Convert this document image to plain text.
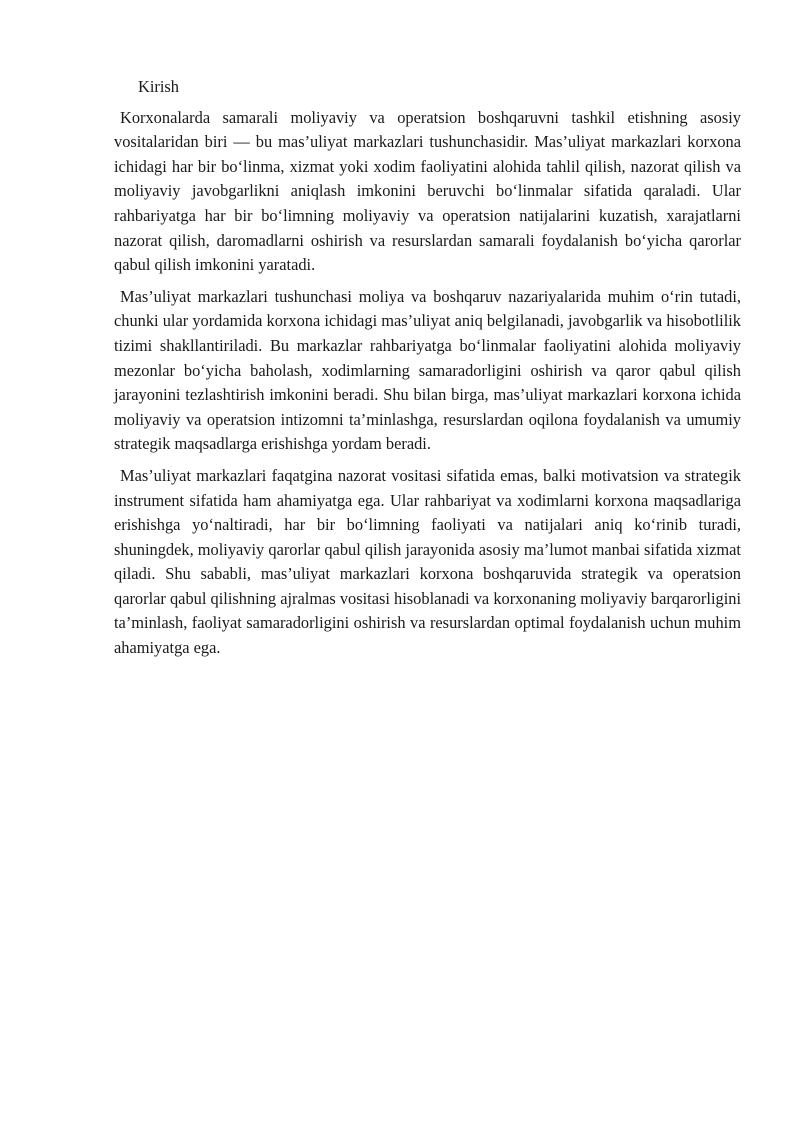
Kirish

Korxonalarda samarali moliyaviy va operatsion boshqaruvni tashkil etishning asosiy vositalaridan biri — bu mas’uliyat markazlari tushunchasidir. Mas’uliyat markazlari korxona ichidagi har bir bo‘linma, xizmat yoki xodim faoliyatini alohida tahlil qilish, nazorat qilish va moliyaviy javobgarlikni aniqlash imkonini beruvchi bo‘linmalar sifatida qaraladi. Ular rahbariyatga har bir bo‘limning moliyaviy va operatsion natijalarini kuzatish, xarajatlarni nazorat qilish, daromadlarni oshirish va resurslardan samarali foydalanish bo‘yicha qarorlar qabul qilish imkonini yaratadi.

Mas’uliyat markazlari tushunchasi moliya va boshqaruv nazariyalarida muhim o‘rin tutadi, chunki ular yordamida korxona ichidagi mas’uliyat aniq belgilanadi, javobgarlik va hisobotlilik tizimi shakllantiriladi. Bu markazlar rahbariyatga bo‘linmalar faoliyatini alohida moliyaviy mezonlar bo‘yicha baholash, xodimlarning samaradorligini oshirish va qaror qabul qilish jarayonini tezlashtirish imkonini beradi. Shu bilan birga, mas’uliyat markazlari korxona ichida moliyaviy va operatsion intizomni ta’minlashga, resurslardan oqilona foydalanish va umumiy strategik maqsadlarga erishishga yordam beradi.

Mas’uliyat markazlari faqatgina nazorat vositasi sifatida emas, balki motivatsion va strategik instrument sifatida ham ahamiyatga ega. Ular rahbariyat va xodimlarni korxona maqsadlariga erishishga yo‘naltiradi, har bir bo‘limning faoliyati va natijalari aniq ko‘rinib turadi, shuningdek, moliyaviy qarorlar qabul qilish jarayonida asosiy ma’lumot manbai sifatida xizmat qiladi. Shu sababli, mas’uliyat markazlari korxona boshqaruvida strategik va operatsion qarorlar qabul qilishning ajralmas vositasi hisoblanadi va korxonaning moliyaviy barqarorligini ta’minlash, faoliyat samaradorligini oshirish va resurslardan optimal foydalanish uchun muhim ahamiyatga ega.
